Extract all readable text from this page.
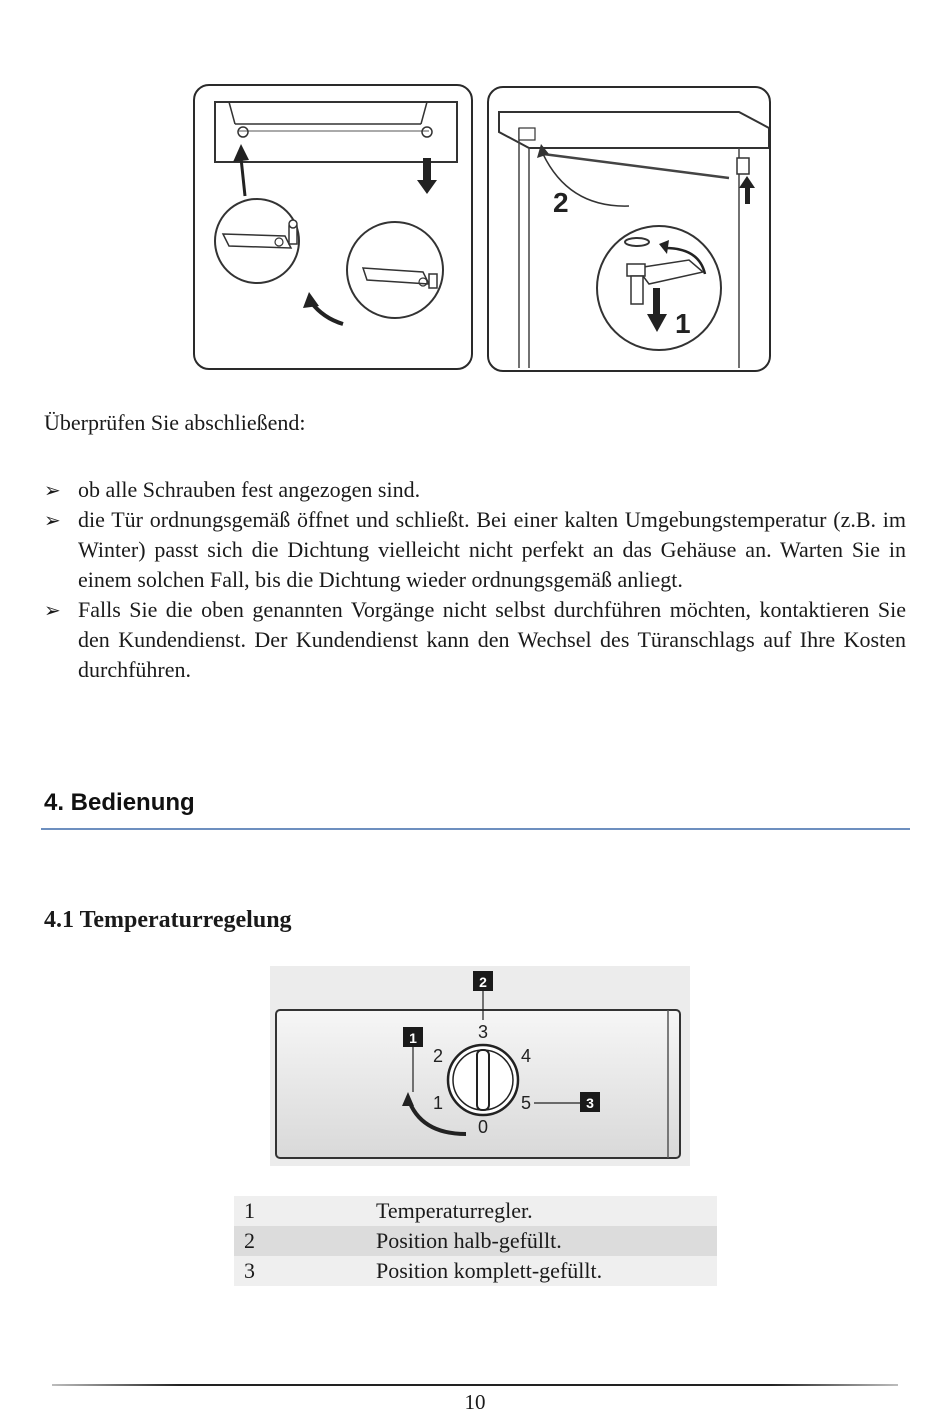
2
1
Überprüfen Sie abschließend:
➢ ob alle Schrauben fest angezogen sind.
➢ die Tür ordnungsgemäß öffnet und schließt. Bei einer kalten Umgebungstemperatur (z.B. im Winter) passt sich die Dichtung vielleicht nicht perfekt an das Gehäuse an. Warten Sie in einem solchen Fall, bis die Dichtung wieder ordnungsgemäß anliegt.
➢ Falls Sie die oben genannten Vorgänge nicht selbst durchführen möchten, kontaktieren Sie den Kundendienst. Der Kundendienst kann den Wechsel des Türanschlags auf Ihre Kosten durchführen.
4. Bedienung
4.1 Temperaturregelung
3
2	4
1	5
0
1
2
3
1	Temperaturregler.
2	Position halb-gefüllt.
3	Position komplett-gefüllt.
10
